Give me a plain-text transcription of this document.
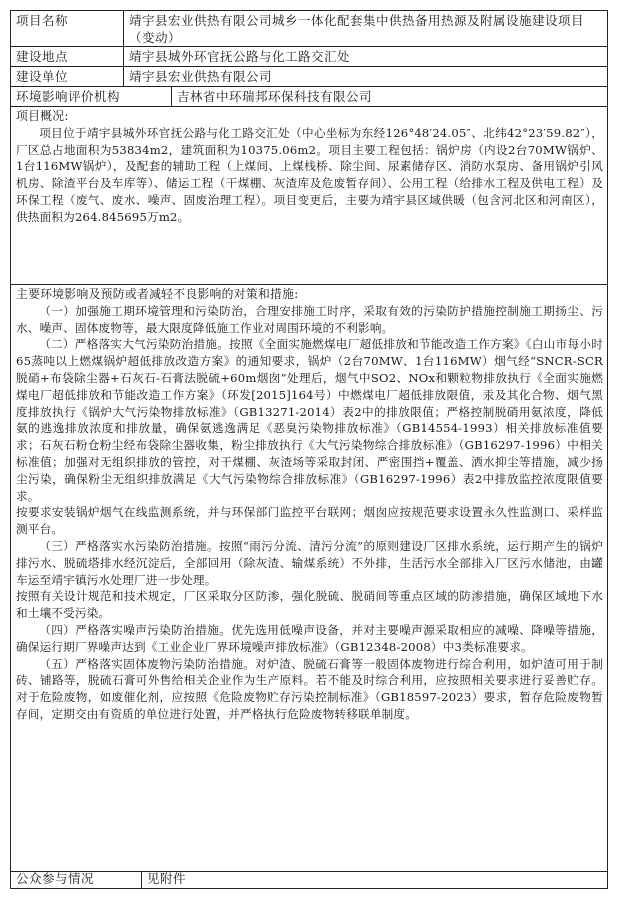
项目名称	靖宇县宏业供热有限公司城乡一体化配套集中供热备用热源及附属设施建设项目（变动）
建设地点	靖宇县城外环官抚公路与化工路交汇处
建设单位	靖宇县宏业供热有限公司
环境影响评价机构	吉林省中环瑞邦环保科技有限公司

项目概况:

项目位于靖宇县城外环官抚公路与化工路交汇处（中心坐标为东经126°48′24.05″、北纬42°23′59.82″），厂区总占地面积为53834m2，建筑面积为10375.06m2。项目主要工程包括：锅炉房（内设2台70MW锅炉、1台116MW锅炉），及配套的辅助工程（上煤间、上煤栈桥、除尘间、尿素储存区、消防水泵房、备用锅炉引风机房、除渣平台及车库等）、储运工程（干煤棚、灰渣库及危废暂存间）、公用工程（给排水工程及供电工程）及环保工程（废气、废水、噪声、固废治理工程）。项目变更后，主要为靖宇县区域供暖（包含河北区和河南区），供热面积为264.845695万m2。

主要环境影响及预防或者减轻不良影响的对策和措施:

（一）加强施工期环境管理和污染防治，合理安排施工时序，采取有效的污染防护措施控制施工期扬尘、污水、噪声、固体废物等，最大限度降低施工作业对周围环境的不利影响。

（二）严格落实大气污染防治措施。按照《全面实施燃煤电厂超低排放和节能改造工作方案》《白山市每小时65蒸吨以上燃煤锅炉超低排放改造方案》的通知要求，锅炉（2台70MW、1台116MW）烟气经“SNCR-SCR脱硝+布袋除尘器+石灰石-石膏法脱硫+60m烟囱”处理后，烟气中SO2、NOx和颗粒物排放执行《全面实施燃煤电厂超低排放和节能改造工作方案》（环发[2015]164号）中燃煤电厂超低排放限值，汞及其化合物、烟气黑度排放执行《锅炉大气污染物排放标准》（GB13271-2014）表2中的排放限值；严格控制脱硝用氨浓度，降低氨的逃逸排放浓度和排放量，确保氨逃逸满足《恶臭污染物排放标准》（GB14554-1993）相关排放标准值要求；石灰石粉仓粉尘经布袋除尘器收集，粉尘排放执行《大气污染物综合排放标准》（GB16297-1996）中相关标准值；加强对无组织排放的管控，对干煤棚、灰渣场等采取封闭、严密围挡+覆盖、洒水抑尘等措施，减少扬尘污染，确保粉尘无组织排放满足《大气污染物综合排放标准》（GB16297-1996）表2中排放监控浓度限值要求。

按要求安装锅炉烟气在线监测系统，并与环保部门监控平台联网；烟囱应按规范要求设置永久性监测口、采样监测平台。

（三）严格落实水污染防治措施。按照“雨污分流、清污分流”的原则建设厂区排水系统，运行期产生的锅炉排污水、脱硫塔排水经沉淀后，全部回用（除灰渣、输煤系统）不外排，生活污水全部排入厂区污水储池，由罐车运至靖宇镇污水处理厂进一步处理。

按照有关设计规范和技术规定，厂区采取分区防渗，强化脱硫、脱硝间等重点区域的防渗措施，确保区域地下水和土壤不受污染。

（四）严格落实噪声污染防治措施。优先选用低噪声设备，并对主要噪声源采取相应的减噪、降噪等措施，确保运行期厂界噪声达到《工业企业厂界环境噪声排放标准》（GB12348-2008）中3类标准要求。

（五）严格落实固体废物污染防治措施。对炉渣、脱硫石膏等一般固体废物进行综合利用，如炉渣可用于制砖、铺路等，脱硫石膏可外售给相关企业作为生产原料。若不能及时综合利用，应按照相关要求进行妥善贮存。对于危险废物，如废催化剂，应按照《危险废物贮存污染控制标准》（GB18597-2023）要求，暂存危险废物暂存间，定期交由有资质的单位进行处置，并严格执行危险废物转移联单制度。

公众参与情况	见附件
